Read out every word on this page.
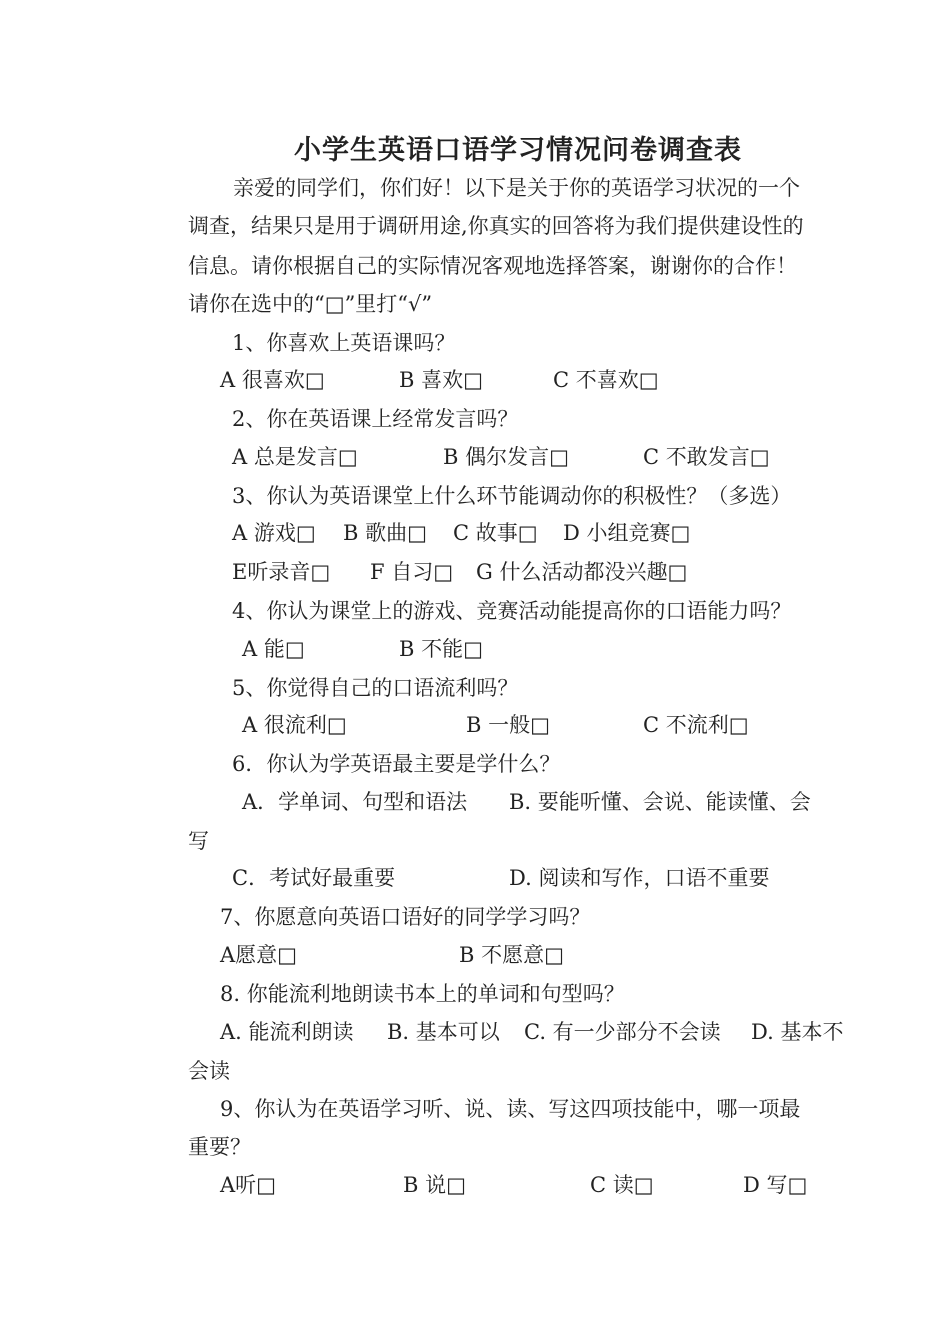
小学生英语口语学习情况问卷调查表
亲爱的同学们，你们好！以下是关于你的英语学习状况的一个
调查，结果只是用于调研用途,你真实的回答将为我们提供建设性的
信息。请你根据自己的实际情况客观地选择答案，谢谢你的合作！
请你在选中的“□”里打“√”
1、你喜欢上英语课吗？
A 很喜欢□	B 喜欢□	C 不喜欢□
2、你在英语课上经常发言吗？
A 总是发言□	B 偶尔发言□	C 不敢发言□
3、你认为英语课堂上什么环节能调动你的积极性？（多选）
A 游戏□ B 歌曲□ C 故事□ D 小组竞赛□
E听录音□ F 自习□ G 什么活动都没兴趣□
4、你认为课堂上的游戏、竞赛活动能提高你的口语能力吗？
A 能□	B 不能□
5、你觉得自己的口语流利吗？
A 很流利□	B 一般□	C 不流利□
6．你认为学英语最主要是学什么？
A．学单词、句型和语法 B. 要能听懂、会说、能读懂、会
写
C．考试好最重要	D. 阅读和写作，口语不重要
7、你愿意向英语口语好的同学学习吗？
A愿意□	B 不愿意□
8. 你能流利地朗读书本上的单词和句型吗？
A. 能流利朗读 B. 基本可以 C. 有一少部分不会读 D. 基本不
会读
9、你认为在英语学习听、说、读、写这四项技能中，哪一项最
重要？
A听□	B 说□	C 读□	D 写□
